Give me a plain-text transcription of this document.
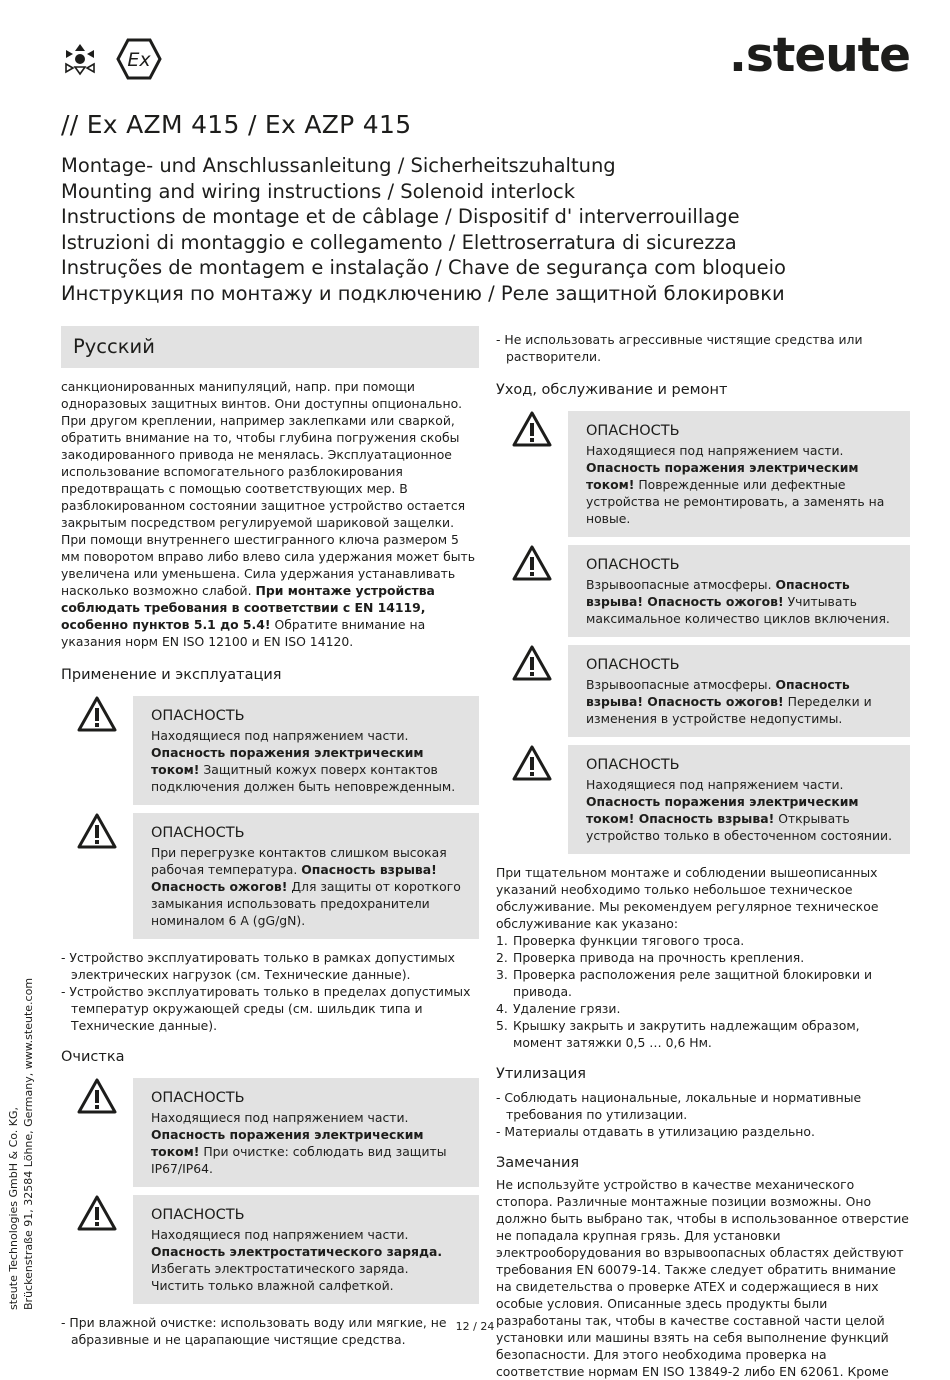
Ex	.steute
// Ex AZM 415 / Ex AZP 415
Montage- und Anschlussanleitung / Sicherheitszuhaltung
Mounting and wiring instructions / Solenoid interlock
Instructions de montage et de câblage / Dispositif d' interverrouillage
Istruzioni di montaggio e collegamento / Elettroserratura di sicurezza
Instruções de montagem e instalação / Chave de segurança com bloqueio
Инструкция по монтажу и подключению / Реле защитной блокировки
Русский

санкционированных манипуляций, напр. при помощи одноразовых защитных винтов. Они доступны опционально. При другом креплении, например заклепками или сваркой, обратить внимание на то, чтобы глубина погружения скобы закодированного привода не менялась. Эксплуатационное использование вспомогательного разблокирования предотвращать с помощью соответствующих мер. В разблокированном состоянии защитное устройство остается закрытым посредством регулируемой шариковой защелки. При помощи внутреннего шестигранного ключа размером 5 мм поворотом вправо либо влево сила удержания может быть увеличена или уменьшена. Сила удержания устанавливать насколько возможно слабой. При монтаже устройства соблюдать требования в соответствии с EN 14119, особенно пунктов 5.1 до 5.4! Обратите внимание на указания норм EN ISO 12100 и EN ISO 14120.

Применение и эксплуатация

ОПАСНОСТЬ
Находящиеся под напряжением части. Опасность поражения электрическим током! Защитный кожух поверх контактов подключения должен быть неповрежденным.
ОПАСНОСТЬ
При перегрузке контактов слишком высокая рабочая температура. Опасность взрыва! Опасность ожогов! Для защиты от короткого замыкания использовать предохранители номиналом 6 A (gG/gN).

- Устройство эксплуатировать только в рамках допустимых электрических нагрузок (см. Технические данные).

- Устройство эксплуатировать только в пределах допустимых температур окружающей среды (см. шильдик типа и Технические данные).

Очистка

ОПАСНОСТЬ
Находящиеся под напряжением части. Опасность поражения электрическим током! При очистке: соблюдать вид защиты IP67/IP64.
ОПАСНОСТЬ
Находящиеся под напряжением части. Опасность электростатического заряда. Избегать электростатического заряда. Чистить только влажной салфеткой.

- При влажной очистке: использовать воду или мягкие, не абразивные и не царапающие чистящие средства.

- Не использовать агрессивные чистящие средства или растворители.

Уход, обслуживание и ремонт

ОПАСНОСТЬ
Находящиеся под напряжением части. Опасность поражения электрическим током! Поврежденные или дефектные устройства не ремонтировать, а заменять на новые.
ОПАСНОСТЬ
Взрывоопасные атмосферы. Опасность взрыва! Опасность ожогов! Учитывать максимальное количество циклов включения.
ОПАСНОСТЬ
Взрывоопасные атмосферы. Опасность взрыва! Опасность ожогов! Переделки и изменения в устройстве недопустимы.
ОПАСНОСТЬ
Находящиеся под напряжением части. Опасность поражения электрическим током! Опасность взрыва! Открывать устройство только в обесточенном состоянии.

При тщательном монтаже и соблюдении вышеописанных указаний необходимо только небольшое техническое обслуживание. Мы рекомендуем регулярное техническое обслуживание как указано:

1. Проверка функции тягового троса.
2. Проверка привода на прочность крепления.
3. Проверка расположения реле защитной блокировки и привода.
4. Удаление грязи.
5. Крышку закрыть и закрутить надлежащим образом, момент затяжки 0,5 … 0,6 Нм.

Утилизация

- Соблюдать национальные, локальные и нормативные требования по утилизации.

- Материалы отдавать в утилизацию раздельно.

Замечания

Не используйте устройство в качестве механического стопора. Различные монтажные позиции возможны. Оно должно быть выбрано так, чтобы в использованное отверстие не попадала крупная грязь. Для установки электрооборудования во взрывоопасных областях действуют требования EN 60079-14. Также следует обратить внимание на свидетельства о проверке ATEX и содержащиеся в них особые условия. Описанные здесь продукты были разработаны так, чтобы в качестве составной части целой установки или машины взять на себя выполнение функций безопасности. Для этого необходима проверка на соответствие нормам EN ISO 13849-2 либо EN 62061. Кроме

steute Technologies GmbH & Co. KG, Brückenstraße 91, 32584 Löhne, Germany, www.steute.com
12 / 24
